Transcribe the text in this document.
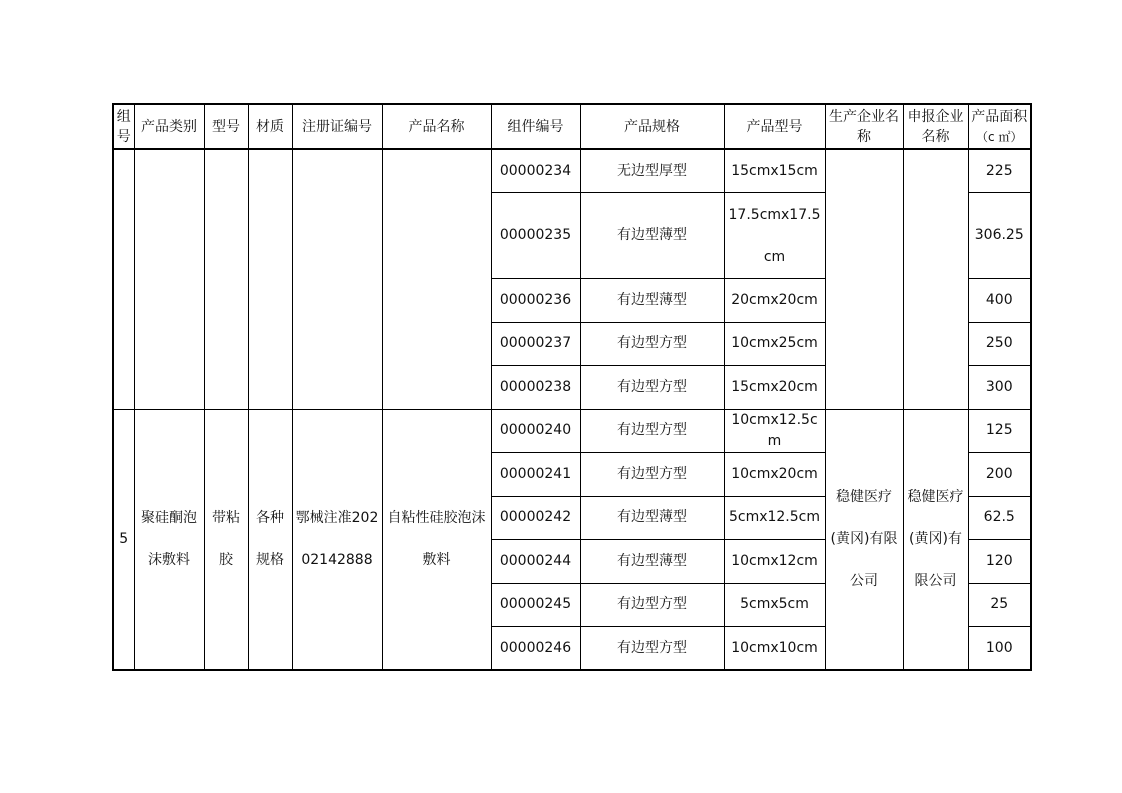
组号	产品类别	型号	材质	注册证编号	产品名称	组件编号	产品规格	产品型号	生产企业名称	申报企业名称	产品面积
（c ㎡）

						00000234	无边型厚型	15cmx15cm			225
						00000235	有边型薄型	17.5cmx17.5cm			306.25
						00000236	有边型薄型	20cmx20cm			400
						00000237	有边型方型	10cmx25cm			250
						00000238	有边型方型	15cmx20cm			300
5	聚硅酮泡沫敷料	带粘胶	各种规格	鄂械注准20202142888	自粘性硅胶泡沫敷料	00000240	有边型方型	10cmx12.5cm	稳健医疗(黄冈)有限公司	稳健医疗(黄冈)有限公司	125
						00000241	有边型方型	10cmx20cm			200
						00000242	有边型薄型	5cmx12.5cm			62.5
						00000244	有边型薄型	10cmx12cm			120
						00000245	有边型方型	5cmx5cm			25
						00000246	有边型方型	10cmx10cm			100
